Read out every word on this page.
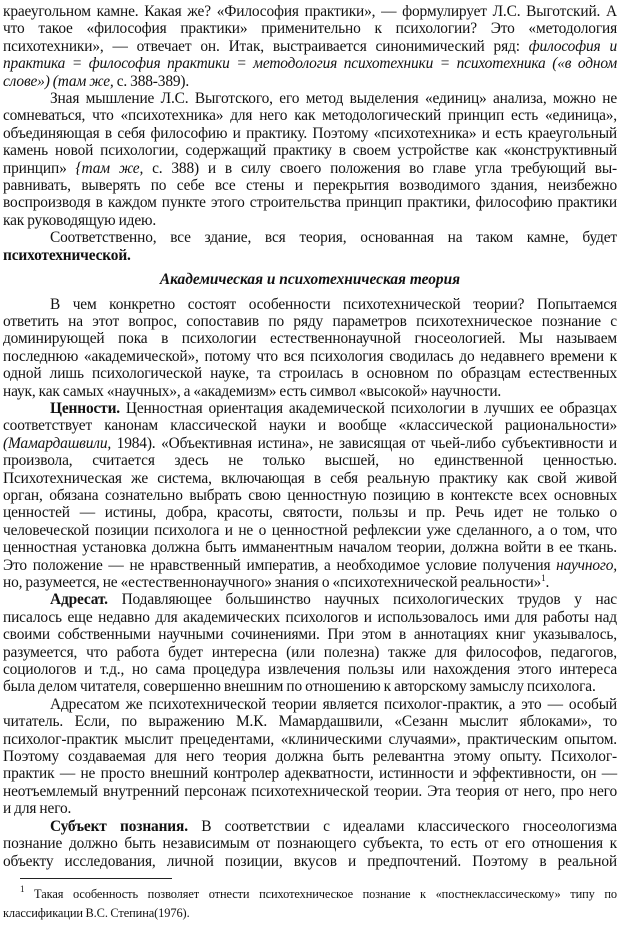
краеугольном камне. Какая же? «Философия практики», — формулирует Л.С. Выготский. А
что такое «философия практики» применительно к психологии? Это «методология
психотехники», — отвечает он. Итак, выстраивается синонимический ряд: философия и
практика = философия практики = методология психотехники = психотехника («в одном
слове») (там же, с. 388-389).
Зная мышление Л.С. Выготского, его метод выделения «единиц» анализа, можно не
сомневаться, что «психотехника» для него как методологический принцип есть «единица»,
объединяющая в себя философию и практику. Поэтому «психотехника» и есть краеугольный
камень новой психологии, содержащий практику в своем устройстве как «конструктивный
принцип» {там же, с. 388) и в силу своего положения во главе угла требующий вы-
равнивать, выверять по себе все стены и перекрытия возводимого здания, неизбежно
воспроизводя в каждом пункте этого строительства принцип практики, философию практики
как руководящую идею.
Соответственно, все здание, вся теория, основанная на таком камне, будет
психотехнической.
Академическая и психотехническая теория
В чем конкретно состоят особенности психотехнической теории? Попытаемся
ответить на этот вопрос, сопоставив по ряду параметров психотехническое познание с
доминирующей пока в психологии естественнонаучной гносеологией. Мы называем
последнюю «академической», потому что вся психология сводилась до недавнего времени к
одной лишь психологической науке, та строилась в основном по образцам естественных
наук, как самых «научных», а «академизм» есть символ «высокой» научности.
Ценности. Ценностная ориентация академической психологии в лучших ее образцах
соответствует канонам классической науки и вообще «классической рациональности»
(Мамардашвили, 1984). «Объективная истина», не зависящая от чьей-либо субъективности и
произвола, считается здесь не только высшей, но единственной ценностью.
Психотехническая же система, включающая в себя реальную практику как свой живой
орган, обязана сознательно выбрать свою ценностную позицию в контексте всех основных
ценностей — истины, добра, красоты, святости, пользы и пр. Речь идет не только о
человеческой позиции психолога и не о ценностной рефлексии уже сделанного, а о том, что
ценностная установка должна быть имманентным началом теории, должна войти в ее ткань.
Это положение — не нравственный императив, а необходимое условие получения научного,
но, разумеется, не «естественнонаучного» знания о «психотехнической реальности»$^1$.
Адресат. Подавляющее большинство научных психологических трудов у нас
писалось еще недавно для академических психологов и использовалось ими для работы над
своими собственными научными сочинениями. При этом в аннотациях книг указывалось,
разумеется, что работа будет интересна (или полезна) также для философов, педагогов,
социологов и т.д., но сама процедура извлечения пользы или нахождения этого интереса
была делом читателя, совершенно внешним по отношению к авторскому замыслу психолога.
Адресатом же психотехнической теории является психолог-практик, а это — особый
читатель. Если, по выражению М.К. Мамардашвили, «Сезанн мыслит яблоками», то
психолог-практик мыслит прецедентами, «клиническими случаями», практическим опытом.
Поэтому создаваемая для него теория должна быть релевантна этому опыту. Психолог-
практик — не просто внешний контролер адекватности, истинности и эффективности, он —
неотъемлемый внутренний персонаж психотехнической теории. Эта теория от него, про него
и для него.
Субъект познания. В соответствии с идеалами классического гносеологизма
познание должно быть независимым от познающего субъекта, то есть от его отношения к
объекту исследования, личной позиции, вкусов и предпочтений. Поэтому в реальной
$^1$ Такая особенность позволяет отнести психотехническое познание к «постнеклассическому» типу по
классификации В.С. Степина(1976).
